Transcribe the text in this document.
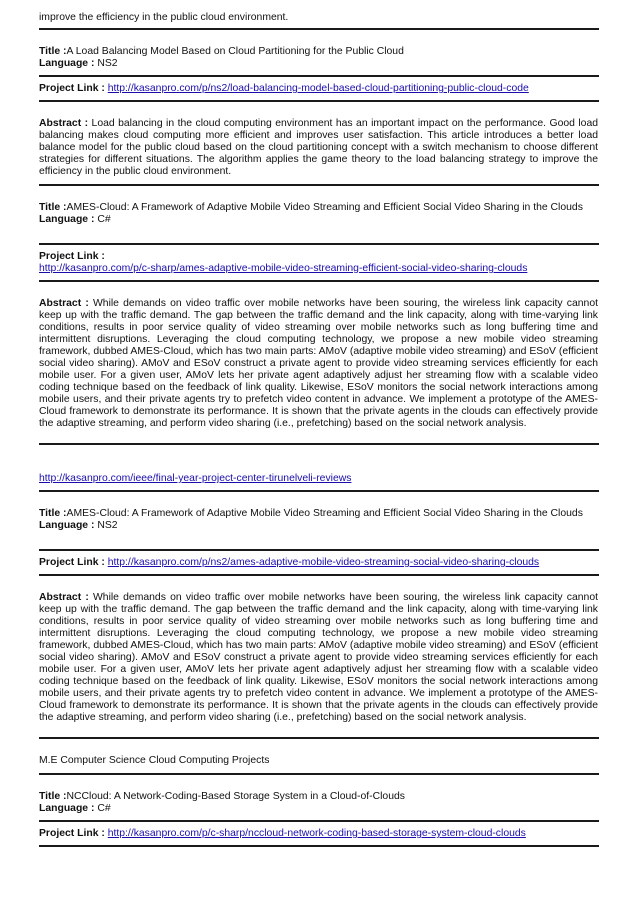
improve the efficiency in the public cloud environment.

Title :A Load Balancing Model Based on Cloud Partitioning for the Public Cloud

Language : NS2

Project Link : http://kasanpro.com/p/ns2/load-balancing-model-based-cloud-partitioning-public-cloud-code

Abstract : Load balancing in the cloud computing environment has an important impact on the performance. Good load balancing makes cloud computing more efficient and improves user satisfaction. This article introduces a better load balance model for the public cloud based on the cloud partitioning concept with a switch mechanism to choose different strategies for different situations. The algorithm applies the game theory to the load balancing strategy to improve the efficiency in the public cloud environment.

Title :AMES-Cloud: A Framework of Adaptive Mobile Video Streaming and Efficient Social Video Sharing in the Clouds

Language : C#

Project Link :

http://kasanpro.com/p/c-sharp/ames-adaptive-mobile-video-streaming-efficient-social-video-sharing-clouds

Abstract : While demands on video traffic over mobile networks have been souring, the wireless link capacity cannot keep up with the traffic demand. The gap between the traffic demand and the link capacity, along with time-varying link conditions, results in poor service quality of video streaming over mobile networks such as long buffering time and intermittent disruptions. Leveraging the cloud computing technology, we propose a new mobile video streaming framework, dubbed AMES-Cloud, which has two main parts: AMoV (adaptive mobile video streaming) and ESoV (efficient social video sharing). AMoV and ESoV construct a private agent to provide video streaming services efficiently for each mobile user. For a given user, AMoV lets her private agent adaptively adjust her streaming flow with a scalable video coding technique based on the feedback of link quality. Likewise, ESoV monitors the social network interactions among mobile users, and their private agents try to prefetch video content in advance. We implement a prototype of the AMES-Cloud framework to demonstrate its performance. It is shown that the private agents in the clouds can effectively provide the adaptive streaming, and perform video sharing (i.e., prefetching) based on the social network analysis.

http://kasanpro.com/ieee/final-year-project-center-tirunelveli-reviews

Title :AMES-Cloud: A Framework of Adaptive Mobile Video Streaming and Efficient Social Video Sharing in the Clouds

Language : NS2

Project Link : http://kasanpro.com/p/ns2/ames-adaptive-mobile-video-streaming-social-video-sharing-clouds

Abstract : While demands on video traffic over mobile networks have been souring, the wireless link capacity cannot keep up with the traffic demand. The gap between the traffic demand and the link capacity, along with time-varying link conditions, results in poor service quality of video streaming over mobile networks such as long buffering time and intermittent disruptions. Leveraging the cloud computing technology, we propose a new mobile video streaming framework, dubbed AMES-Cloud, which has two main parts: AMoV (adaptive mobile video streaming) and ESoV (efficient social video sharing). AMoV and ESoV construct a private agent to provide video streaming services efficiently for each mobile user. For a given user, AMoV lets her private agent adaptively adjust her streaming flow with a scalable video coding technique based on the feedback of link quality. Likewise, ESoV monitors the social network interactions among mobile users, and their private agents try to prefetch video content in advance. We implement a prototype of the AMES-Cloud framework to demonstrate its performance. It is shown that the private agents in the clouds can effectively provide the adaptive streaming, and perform video sharing (i.e., prefetching) based on the social network analysis.

M.E Computer Science Cloud Computing Projects

Title :NCCloud: A Network-Coding-Based Storage System in a Cloud-of-Clouds

Language : C#

Project Link : http://kasanpro.com/p/c-sharp/nccloud-network-coding-based-storage-system-cloud-clouds
